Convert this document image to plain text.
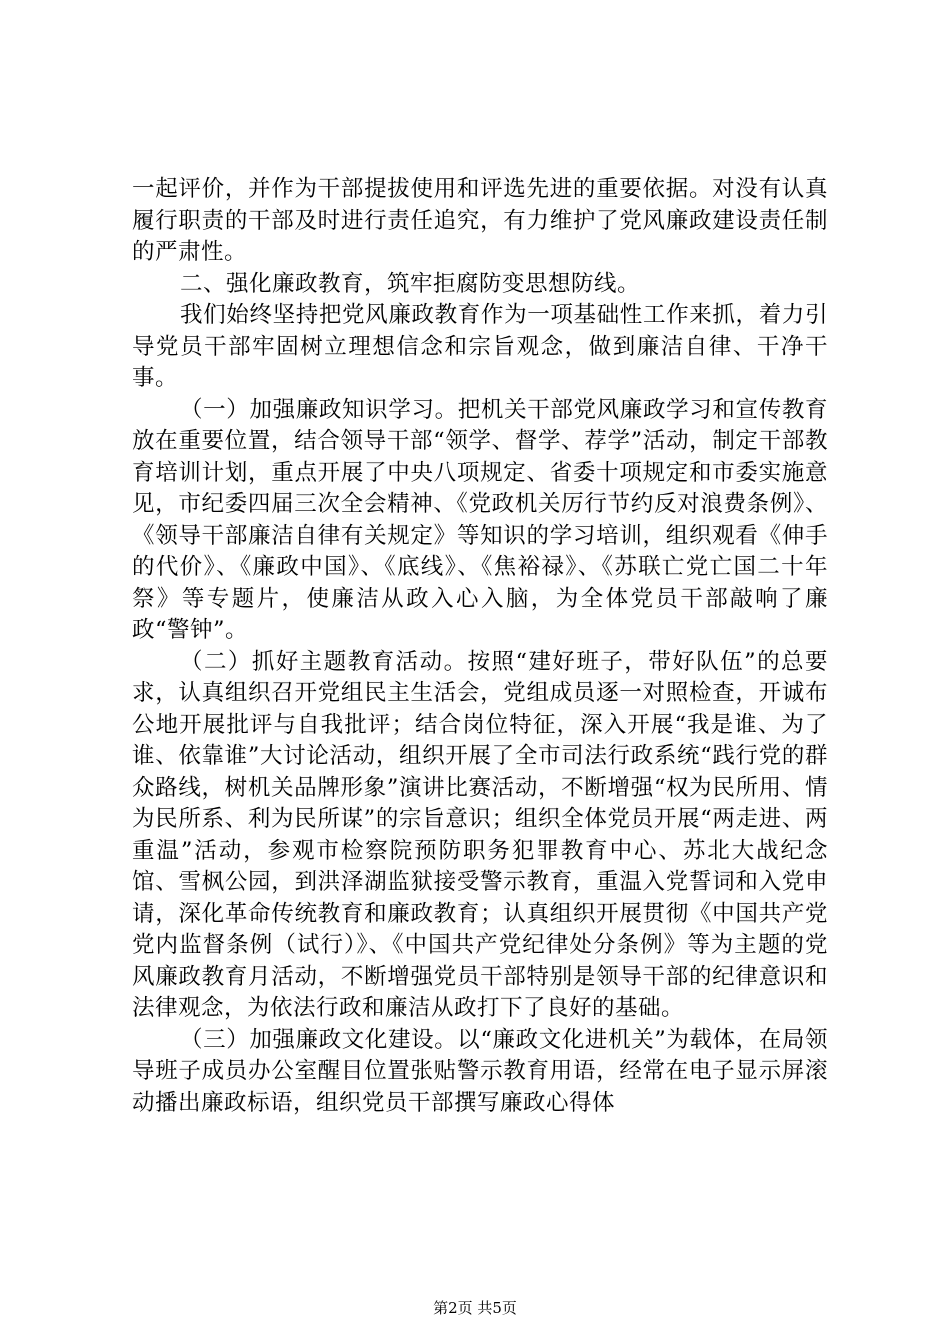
一起评价，并作为干部提拔使用和评选先进的重要依据。对没有认真履行职责的干部及时进行责任追究，有力维护了党风廉政建设责任制的严肃性。

二、强化廉政教育，筑牢拒腐防变思想防线。

我们始终坚持把党风廉政教育作为一项基础性工作来抓，着力引导党员干部牢固树立理想信念和宗旨观念，做到廉洁自律、干净干事。

（一）加强廉政知识学习。把机关干部党风廉政学习和宣传教育放在重要位置，结合领导干部“领学、督学、荐学”活动，制定干部教育培训计划，重点开展了中央八项规定、省委十项规定和市委实施意见，市纪委四届三次全会精神、《党政机关厉行节约反对浪费条例》、《领导干部廉洁自律有关规定》等知识的学习培训，组织观看《伸手的代价》、《廉政中国》、《底线》、《焦裕禄》、《苏联亡党亡国二十年祭》等专题片，使廉洁从政入心入脑，为全体党员干部敲响了廉政“警钟”。

（二）抓好主题教育活动。按照“建好班子，带好队伍”的总要求，认真组织召开党组民主生活会，党组成员逐一对照检查，开诚布公地开展批评与自我批评；结合岗位特征，深入开展“我是谁、为了谁、依靠谁”大讨论活动，组织开展了全市司法行政系统“践行党的群众路线，树机关品牌形象”演讲比赛活动，不断增强“权为民所用、情为民所系、利为民所谋”的宗旨意识；组织全体党员开展“两走进、两重温”活动，参观市检察院预防职务犯罪教育中心、苏北大战纪念馆、雪枫公园，到洪泽湖监狱接受警示教育，重温入党誓词和入党申请，深化革命传统教育和廉政教育；认真组织开展贯彻《中国共产党党内监督条例（试行）》、《中国共产党纪律处分条例》等为主题的党风廉政教育月活动，不断增强党员干部特别是领导干部的纪律意识和法律观念，为依法行政和廉洁从政打下了良好的基础。

（三）加强廉政文化建设。以“廉政文化进机关”为载体，在局领导班子成员办公室醒目位置张贴警示教育用语，经常在电子显示屏滚动播出廉政标语，组织党员干部撰写廉政心得体

第2页 共5页
